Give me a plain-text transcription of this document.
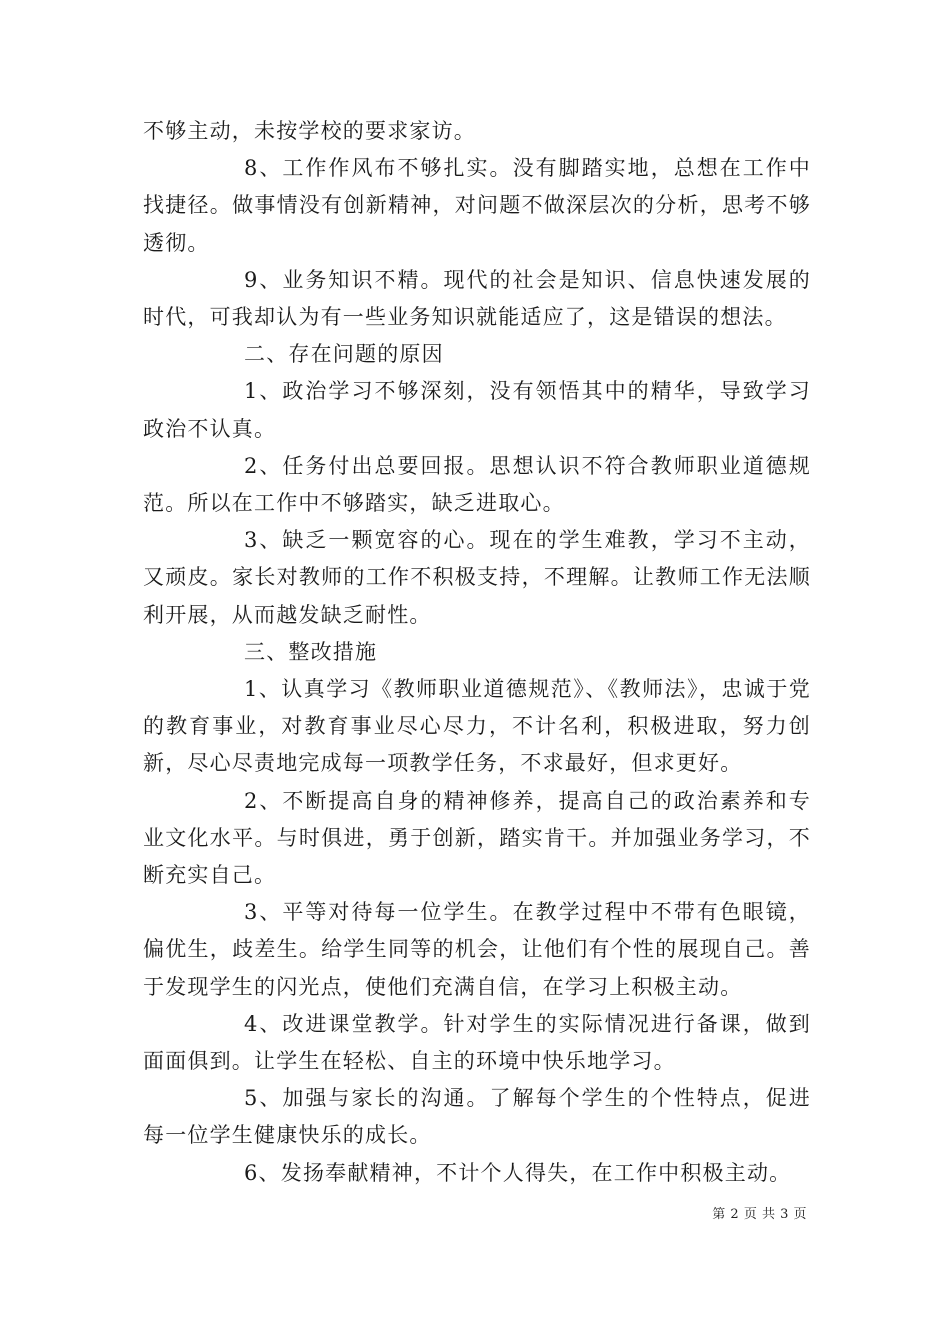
不够主动，未按学校的要求家访。

8、工作作风布不够扎实。没有脚踏实地，总想在工作中找捷径。做事情没有创新精神，对问题不做深层次的分析，思考不够透彻。

9、业务知识不精。现代的社会是知识、信息快速发展的时代，可我却认为有一些业务知识就能适应了，这是错误的想法。

二、存在问题的原因

1、政治学习不够深刻，没有领悟其中的精华，导致学习政治不认真。

2、任务付出总要回报。思想认识不符合教师职业道德规范。所以在工作中不够踏实，缺乏进取心。

3、缺乏一颗宽容的心。现在的学生难教，学习不主动，又顽皮。家长对教师的工作不积极支持，不理解。让教师工作无法顺利开展，从而越发缺乏耐性。

三、整改措施

1、认真学习《教师职业道德规范》、《教师法》，忠诚于党的教育事业，对教育事业尽心尽力，不计名利，积极进取，努力创新，尽心尽责地完成每一项教学任务，不求最好，但求更好。

2、不断提高自身的精神修养，提高自己的政治素养和专业文化水平。与时俱进，勇于创新，踏实肯干。并加强业务学习，不断充实自己。

3、平等对待每一位学生。在教学过程中不带有色眼镜，偏优生，歧差生。给学生同等的机会，让他们有个性的展现自己。善于发现学生的闪光点，使他们充满自信，在学习上积极主动。

4、改进课堂教学。针对学生的实际情况进行备课，做到面面俱到。让学生在轻松、自主的环境中快乐地学习。

5、加强与家长的沟通。了解每个学生的个性特点，促进每一位学生健康快乐的成长。

6、发扬奉献精神，不计个人得失，在工作中积极主动。

第 2 页 共 3 页
